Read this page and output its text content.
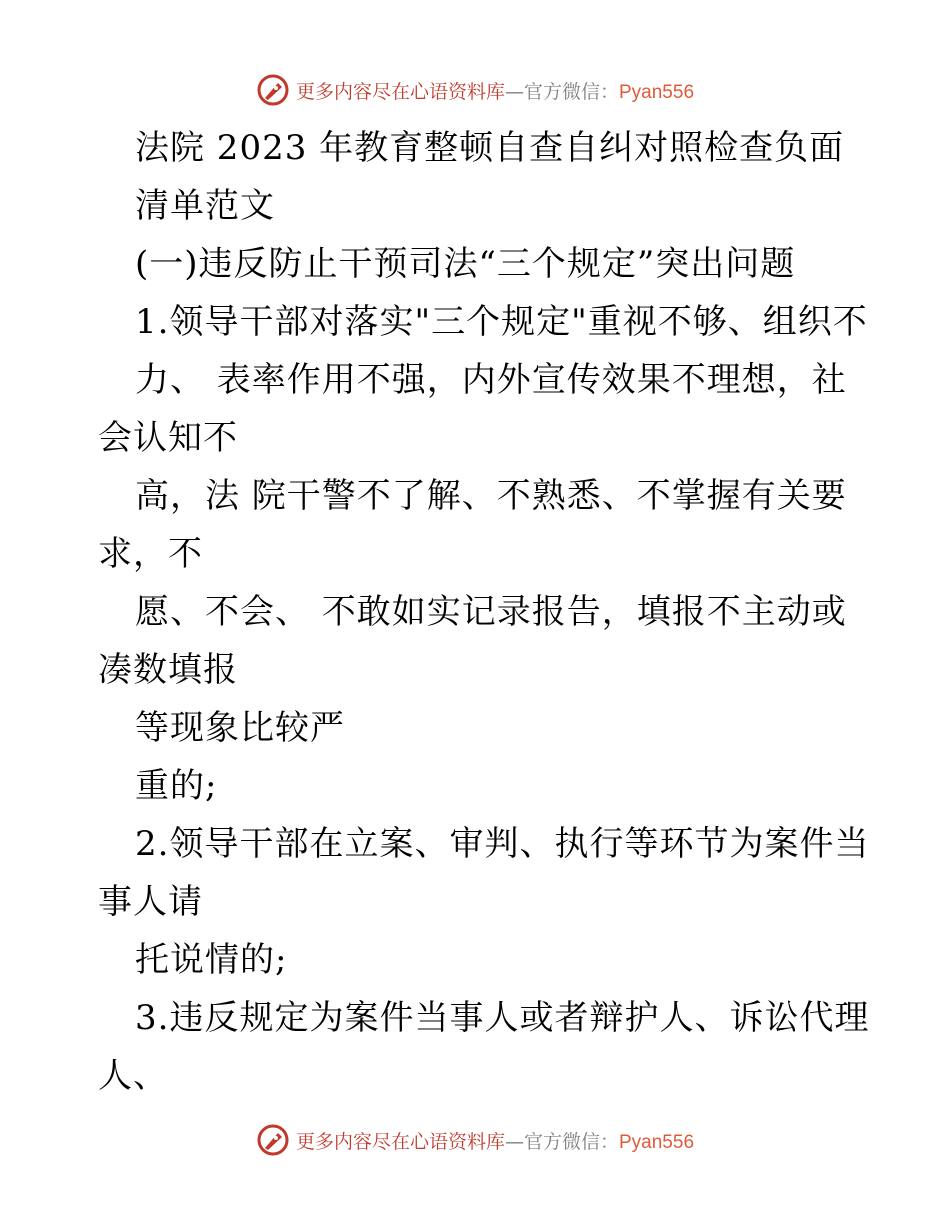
更多内容尽在心语资料库—官方微信：Pyan556
法院 2023 年教育整顿自查自纠对照检查负面
清单范文
(一)违反防止干预司法“三个规定”突出问题
1.领导干部对落实"三个规定"重视不够、组织不
力、 表率作用不强，内外宣传效果不理想，社
会认知不
高，法 院干警不了解、不熟悉、不掌握有关要
求，不
愿、不会、 不敢如实记录报告，填报不主动或
凑数填报
等现象比较严
重的;
2.领导干部在立案、审判、执行等环节为案件当
事人请
托说情的;
3.违反规定为案件当事人或者辩护人、诉讼代理
人、
更多内容尽在心语资料库—官方微信：Pyan556
